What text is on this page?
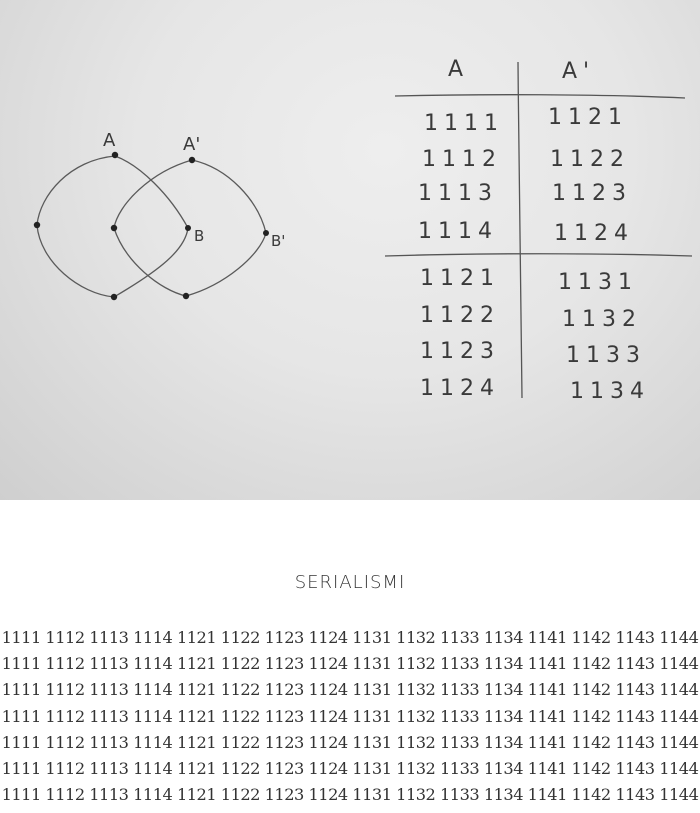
A	A'
B	B'
A	A'
1111 1121
1112 1122
1113 1123
1114	1124
1121	1131
1122	1132
1123	1133
1124	1134
SERIALISMI
1111 1112 1113 1114 1121 1122 1123 1124 1131 1132 1133 1134 1141 1142 1143 1144
1111 1112 1113 1114 1121 1122 1123 1124 1131 1132 1133 1134 1141 1142 1143 1144
1111 1112 1113 1114 1121 1122 1123 1124 1131 1132 1133 1134 1141 1142 1143 1144
1111 1112 1113 1114 1121 1122 1123 1124 1131 1132 1133 1134 1141 1142 1143 1144
1111 1112 1113 1114 1121 1122 1123 1124 1131 1132 1133 1134 1141 1142 1143 1144
1111 1112 1113 1114 1121 1122 1123 1124 1131 1132 1133 1134 1141 1142 1143 1144
1111 1112 1113 1114 1121 1122 1123 1124 1131 1132 1133 1134 1141 1142 1143 1144
